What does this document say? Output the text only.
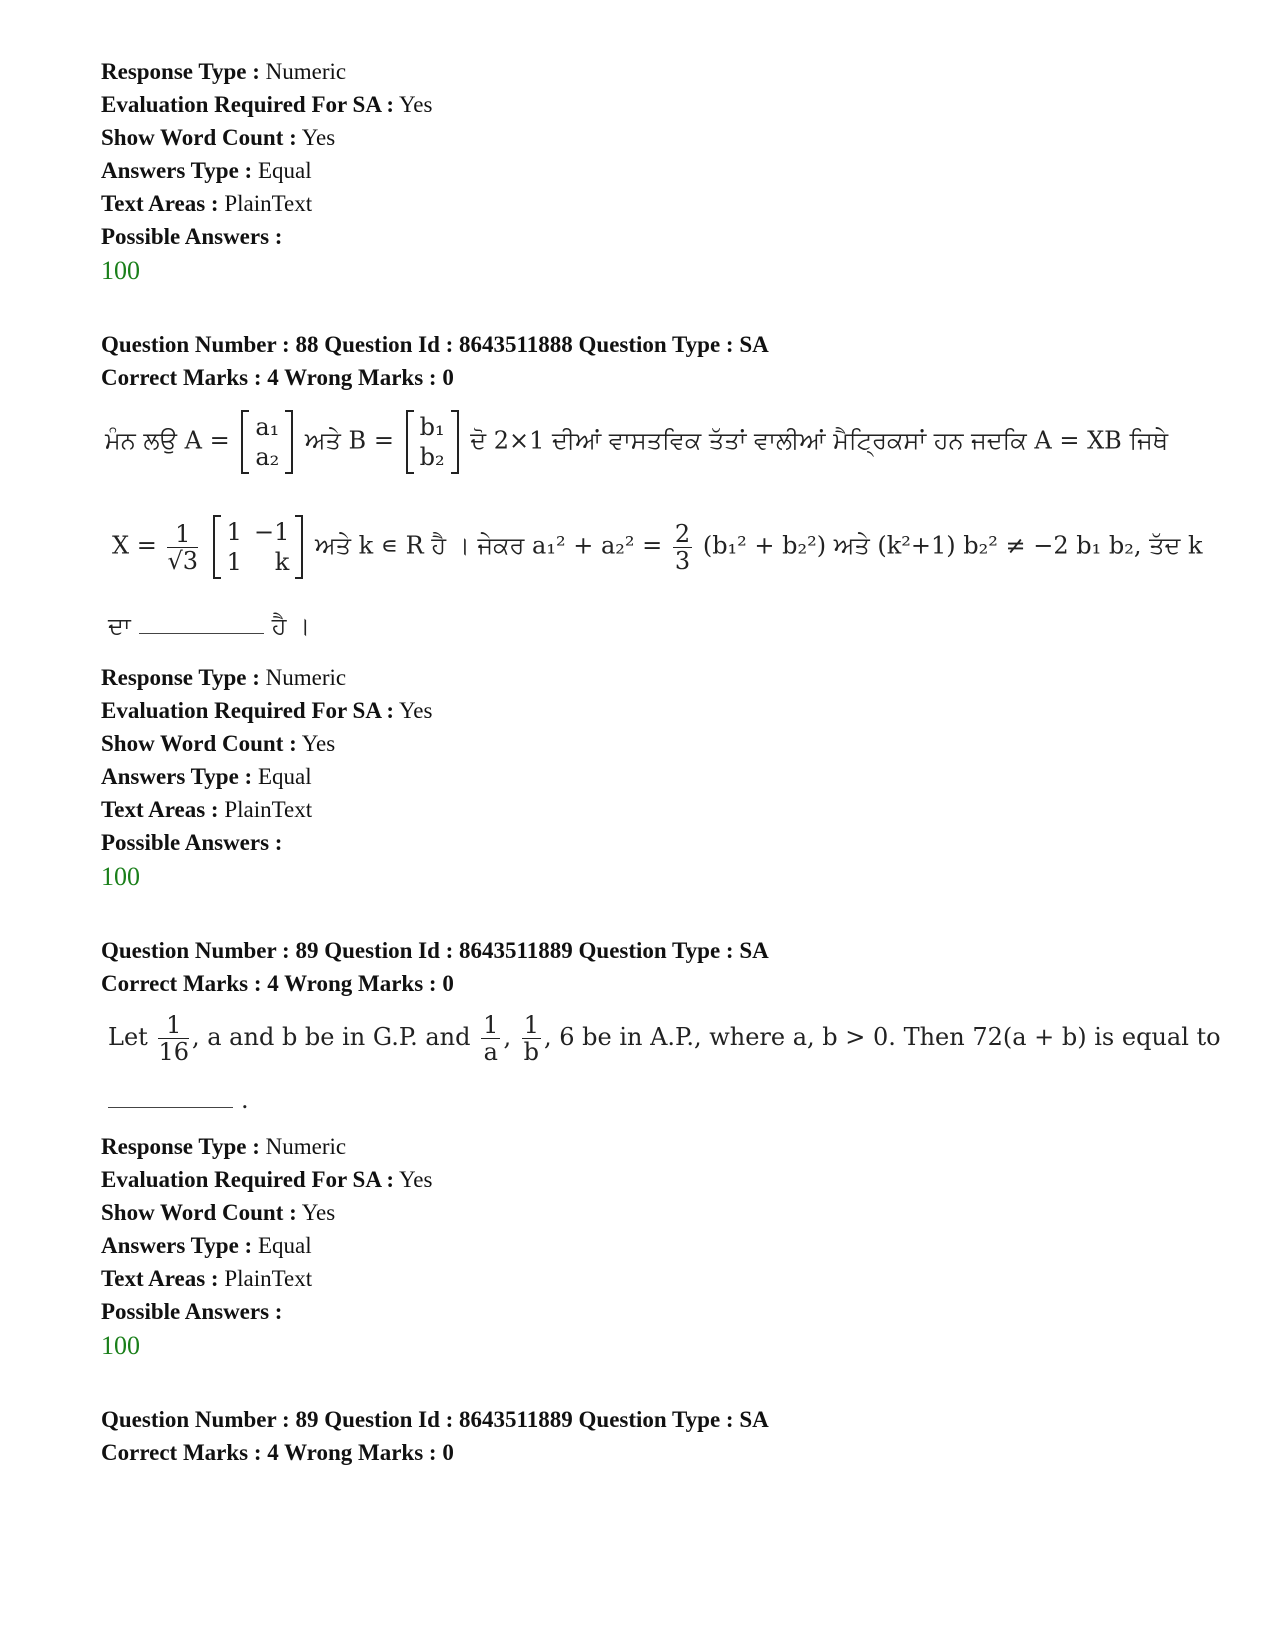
Response Type : Numeric
Evaluation Required For SA : Yes
Show Word Count : Yes
Answers Type : Equal
Text Areas : PlainText
Possible Answers :
100
Question Number : 88 Question Id : 8643511888 Question Type : SA
Correct Marks : 4 Wrong Marks : 0
ਮੰਨ ਲਉ A = a₁
a₂
ਅਤੇ B = b₁
b₂
ਦੋ 2×1 ਦੀਆਂ ਵਾਸਤਵਿਕ ਤੱਤਾਂ ਵਾਲੀਆਂ ਮੈਟ੍ਰਿਕਸਾਂ ਹਨ ਜਦਕਿ A = XB ਜਿਥੇ
$X = \frac{1}{√3}$
1	−1
1	k
ਅਤੇ k ∊ R ਹੈ । ਜੇਕਰ $a_1^2 + a_2^2 = \frac{2}{3} (b_1^2 + b_2^2)$ ਅਤੇ (k²+1) b₂² ≠ −2 b₁ b₂, ਤੱਦ k
ਦਾ	ਹੈ ।
Response Type : Numeric
Evaluation Required For SA : Yes
Show Word Count : Yes
Answers Type : Equal
Text Areas : PlainText
Possible Answers :
100
Question Number : 89 Question Id : 8643511889 Question Type : SA
Correct Marks : 4 Wrong Marks : 0
Let $\frac{1}{16}$ , a and b be in G.P. and $\frac{1}{a}$ , $\frac{1}{b}$ , 6 be in A.P., where a, b > 0. Then 72(a + b) is equal to
.
Response Type : Numeric
Evaluation Required For SA : Yes
Show Word Count : Yes
Answers Type : Equal
Text Areas : PlainText
Possible Answers :
100
Question Number : 89 Question Id : 8643511889 Question Type : SA
Correct Marks : 4 Wrong Marks : 0
